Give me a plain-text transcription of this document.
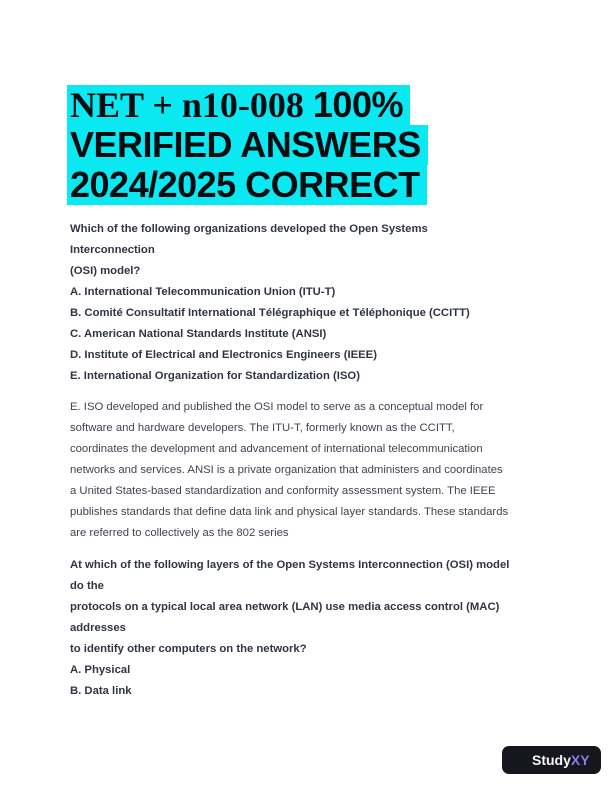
NET + n10-008 100%
VERIFIED ANSWERS
2024/2025 CORRECT
Which of the following organizations developed the Open Systems
Interconnection
(OSI) model?
A. International Telecommunication Union (ITU-T)
B. Comité Consultatif International Télégraphique et Téléphonique (CCITT)
C. American National Standards Institute (ANSI)
D. Institute of Electrical and Electronics Engineers (IEEE)
E. International Organization for Standardization (ISO)
E. ISO developed and published the OSI model to serve as a conceptual model for
software and hardware developers. The ITU-T, formerly known as the CCITT,
coordinates the development and advancement of international telecommunication
networks and services. ANSI is a private organization that administers and coordinates
a United States-based standardization and conformity assessment system. The IEEE
publishes standards that define data link and physical layer standards. These standards
are referred to collectively as the 802 series
At which of the following layers of the Open Systems Interconnection (OSI) model
do the
protocols on a typical local area network (LAN) use media access control (MAC)
addresses
to identify other computers on the network?
A. Physical
B. Data link
StudyXY
